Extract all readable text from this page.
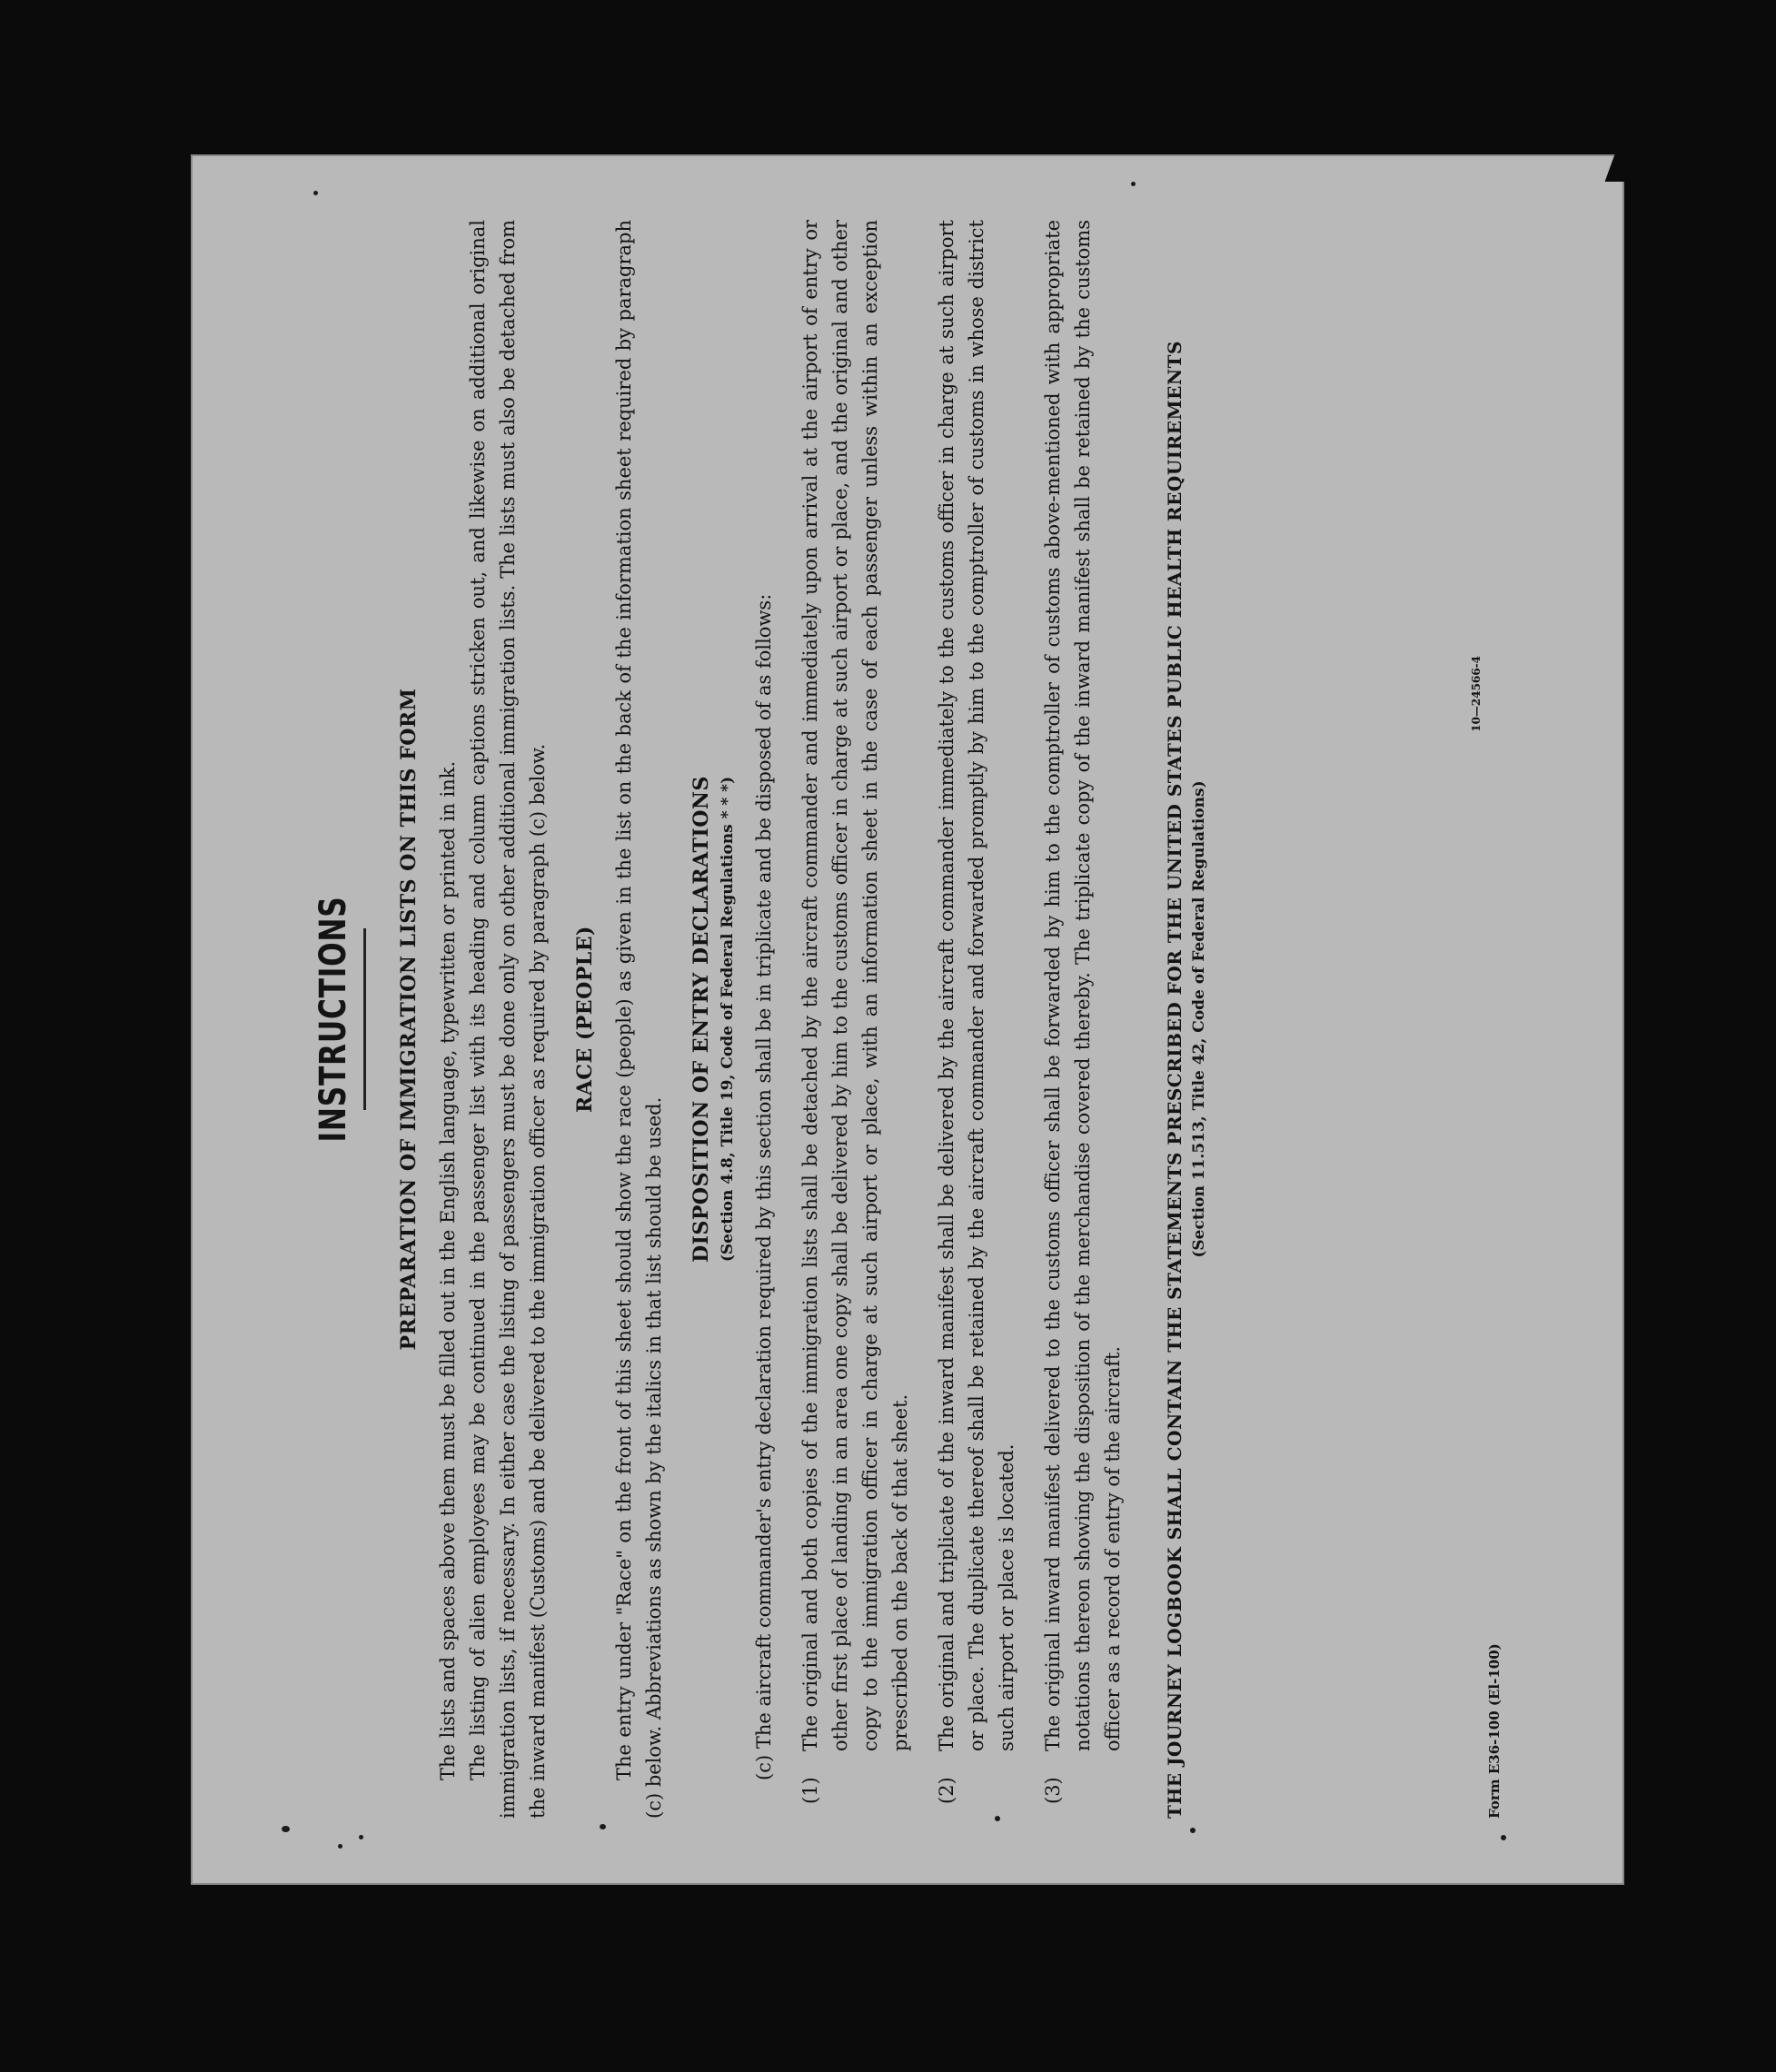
INSTRUCTIONS PREPARATION OF IMMIGRATION LISTS ON THIS FORM The lists and spaces above them must be filled out in the English language, typewritten or printed in ink. The listing of alien employees may be continued in the passenger list with its heading and column captions stricken out, and likewise on additional original immigration lists, if necessary. In either case the listing of passengers must be done only on other additional immigration lists. The lists must also be detached from the inward manifest (Customs) and be delivered to the immigration officer as required by paragraph (c) below. RACE (PEOPLE) The entry under "Race" on the front of this sheet should show the race (people) as given in the list on the back of the information sheet required by paragraph (c) below. Abbreviations as shown by the italics in that list should be used.

DISPOSITION OF ENTRY DECLARATIONS (Section 4.8, Title 19, Code of Federal Regulations * * *) (c) The aircraft commander's entry declaration required by this section shall be in triplicate and be disposed of as follows:

(1)
The original and both copies of the immigration lists shall be detached by the aircraft commander and immediately upon arrival at the airport of entry or other first place of landing in an area one copy shall be delivered by him to the customs officer in charge at such airport or place, and the original and other copy to the immigration officer in charge at such airport or place, with an information sheet in the case of each passenger unless within an exception prescribed on the back of that sheet.
(2)
The original and triplicate of the inward manifest shall be delivered by the aircraft commander immediately to the customs officer in charge at such airport or place. The duplicate thereof shall be retained by the aircraft commander and forwarded promptly by him to the comptroller of customs in whose district such airport or place is located.
(3)
The original inward manifest delivered to the customs officer shall be forwarded by him to the comptroller of customs above-mentioned with appropriate notations thereon showing the disposition of the merchandise covered thereby. The triplicate copy of the inward manifest shall be retained by the customs officer as a record of entry of the aircraft. THE JOURNEY LOGBOOK SHALL CONTAIN THE STATEMENTS PRESCRIBED FOR THE UNITED STATES PUBLIC HEALTH REQUIREMENTS (Section 11.513, Title 42, Code of Federal Regulations)
Form E36-100 (El-100)
10—24566-4
